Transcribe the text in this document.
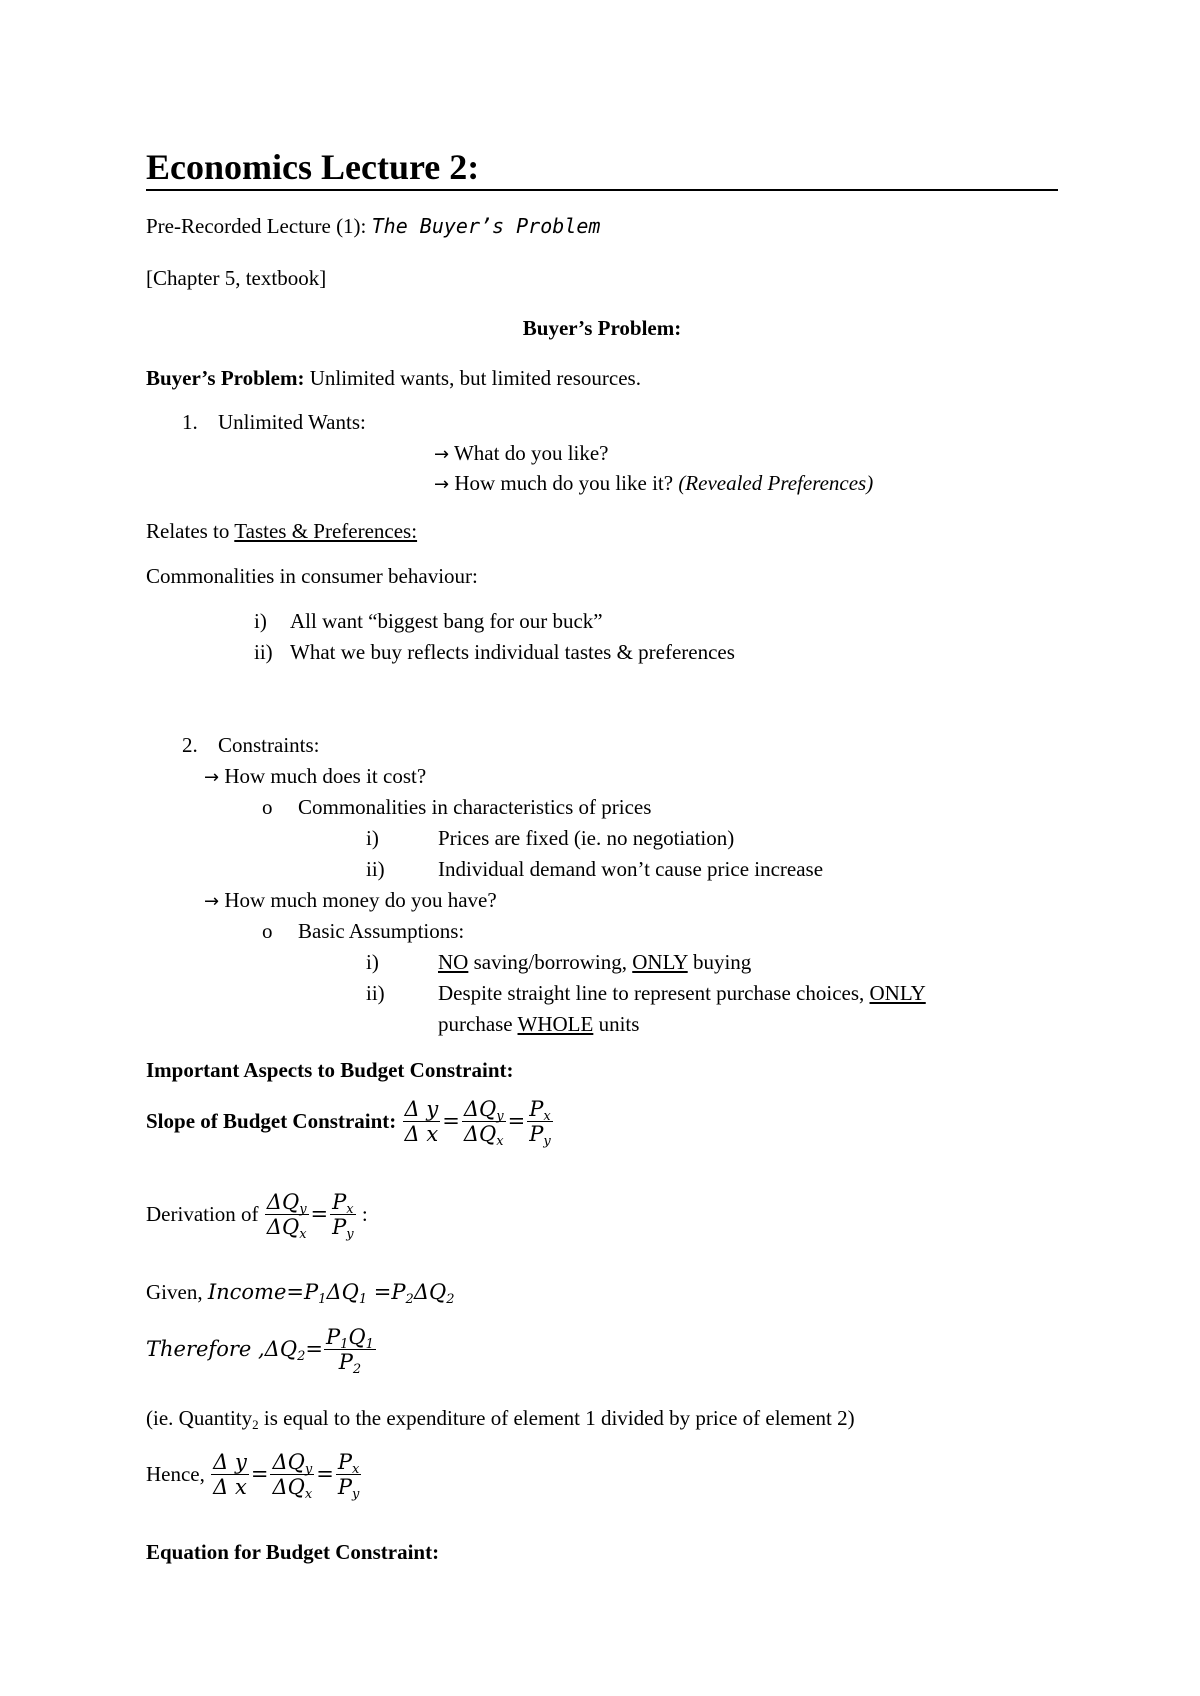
Economics Lecture 2:
Pre-Recorded Lecture (1): The Buyer’s Problem
[Chapter 5, textbook]
Buyer’s Problem:
Buyer’s Problem: Unlimited wants, but limited resources.
1. Unlimited Wants:
→ What do you like?
→ How much do you like it? (Revealed Preferences)
Relates to Tastes & Preferences:
Commonalities in consumer behaviour:
i) All want “biggest bang for our buck”
ii) What we buy reflects individual tastes & preferences
2. Constraints:
→ How much does it cost?
o Commonalities in characteristics of prices
i)	Prices are fixed (ie. no negotiation)
ii)	Individual demand won’t cause price increase
→ How much money do you have?
o Basic Assumptions:
i)	NO saving/borrowing, ONLY buying
ii)	Despite straight line to represent purchase choices, ONLY
purchase WHOLE units
Important Aspects to Budget Constraint:
Slope of Budget Constraint: $\frac{\text{Δ y}}{\text{Δ x}} = \frac{\Delta Q_y}{\Delta Q_x} = \frac{P_x}{P_y}$
Derivation of $\frac{\Delta Q_y}{\Delta Q_x} = \frac{P_x}{P_y}$ :
Given, $Income=P_1\Delta Q_1 =P_2\Delta Q_2$
Therefore $,\Delta Q_2= \frac{P_1Q_1}{P_2}$
(ie. Quantity$_2$ is equal to the expenditure of element 1 divided by price of element 2)
Hence, $\frac{\text{Δ y}}{\text{Δ x}} = \frac{\Delta Q_y}{\Delta Q_x} = \frac{P_x}{P_y}$
Equation for Budget Constraint:
